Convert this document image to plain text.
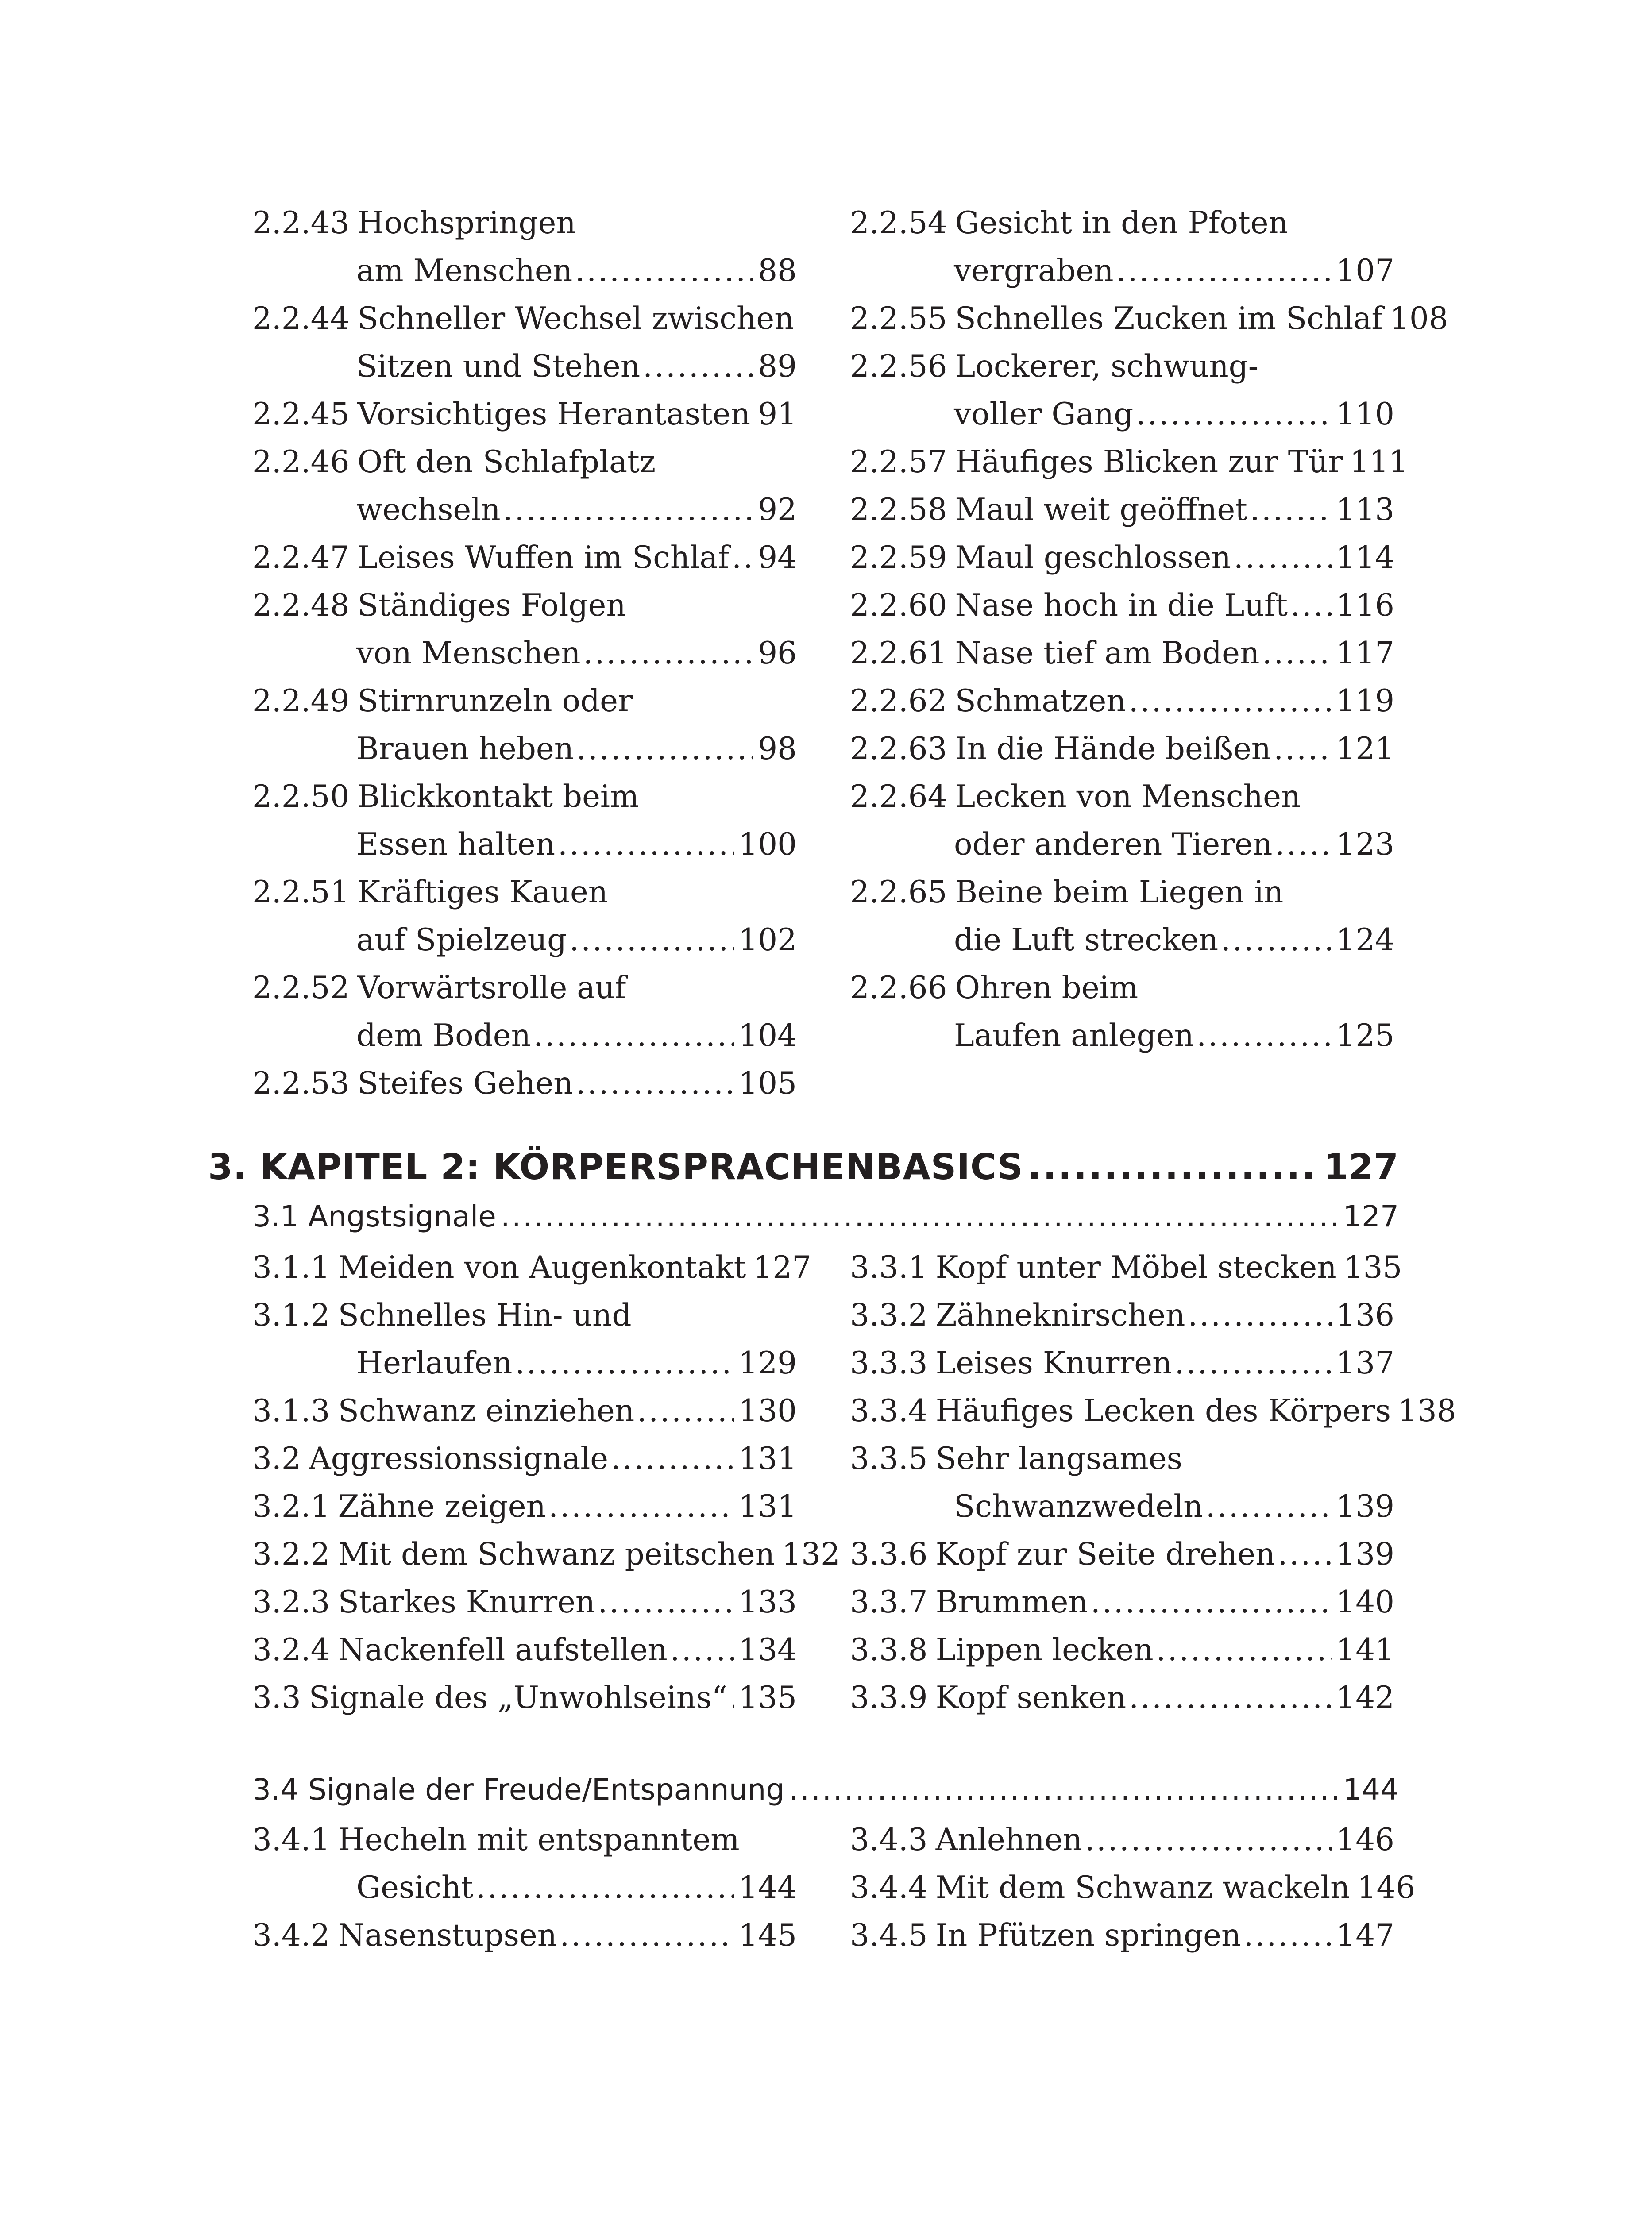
2.2.43 Hochspringen
am Menschen .....	88
2.2.44 Schneller Wechsel zwischen
Sitzen und Stehen .....	89
2.2.45 Vorsichtiges Herantasten ..... 91
2.2.46 Oft den Schlafplatz
wechseln .....	92
2.2.47 Leises Wuffen im Schlaf ..... 94
2.2.48 Ständiges Folgen
von Menschen .....	96
2.2.49 Stirnrunzeln oder
Brauen heben .....	98
2.2.50 Blickkontakt beim
Essen halten .....	100
2.2.51 Kräftiges Kauen
auf Spielzeug .....	102
2.2.52 Vorwärtsrolle auf
dem Boden .....	104
2.2.53 Steifes Gehen .....	105
2.2.54 Gesicht in den Pfoten
vergraben .....	107
2.2.55 Schnelles Zucken im Schlaf 108
2.2.56 Lockerer, schwung-
voller Gang .....	110
2.2.57 Häufiges Blicken zur Tür 111
2.2.58 Maul weit geöffnet .....	113
2.2.59 Maul geschlossen .....	114
2.2.60 Nase hoch in die Luft ..... 116
2.2.61 Nase tief am Boden .....	117
2.2.62 Schmatzen .....	119
2.2.63 In die Hände beißen ..... 121
2.2.64 Lecken von Menschen
oder anderen Tieren ..... 123
2.2.65 Beine beim Liegen in
die Luft strecken .....	124
2.2.66 Ohren beim
Laufen anlegen .....	125
3. KAPITEL 2: KÖRPERSPRACHENBASICS .....	127
3.1 Angstsignale .....	127
3.1.1 Meiden von Augenkontakt 127
3.1.2 Schnelles Hin- und
Herlaufen .....	129
3.1.3 Schwanz einziehen .....	130
3.2 Aggressionssignale .....	131
3.2.1 Zähne zeigen .....	131
3.2.2 Mit dem Schwanz peitschen 132
3.2.3 Starkes Knurren .....	133
3.2.4 Nackenfell aufstellen ..... 134
3.3 Signale des „Unwohlseins“ ..... 135
3.3.1 Kopf unter Möbel stecken 135
3.3.2 Zähneknirschen .....	136
3.3.3 Leises Knurren .....	137
3.3.4 Häufiges Lecken des Körpers 138
3.3.5 Sehr langsames
Schwanzwedeln .....	139
3.3.6 Kopf zur Seite drehen ..... 139
3.3.7 Brummen .....	140
3.3.8 Lippen lecken .....	141
3.3.9 Kopf senken .....	142
3.4 Signale der Freude/Entspannung .....	144
3.4.1 Hecheln mit entspanntem
Gesicht .....	144
3.4.2 Nasenstupsen .....	145
3.4.3 Anlehnen .....	146
3.4.4 Mit dem Schwanz wackeln 146
3.4.5 In Pfützen springen .....	147
